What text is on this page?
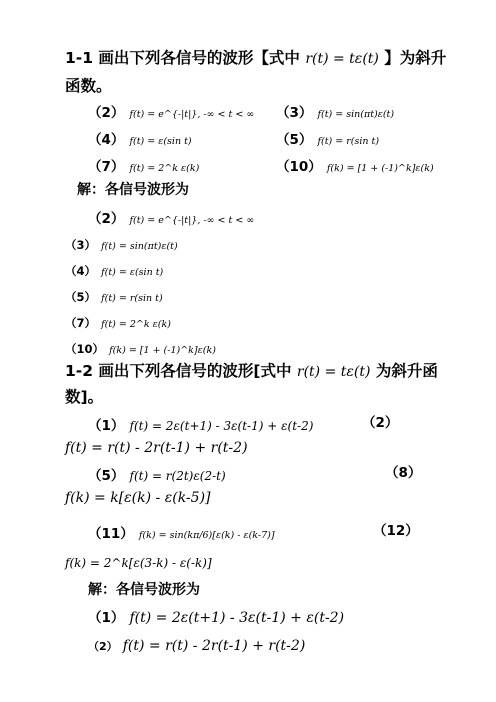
1-1 画出下列各信号的波形【式中 r(t) = tε(t) 】为斜升
函数。
（2） f(t) = e^{-|t|}, -∞ < t < ∞ （3） f(t) = sin(πt)ε(t)
（4） f(t) = ε(sin t)	（5） f(t) = r(sin t)
（7） f(t) = 2^k ε(k)	（10） f(k) = [1 + (-1)^k]ε(k)
解：各信号波形为
（2） f(t) = e^{-|t|}, -∞ < t < ∞
（3） f(t) = sin(πt)ε(t)
（4） f(t) = ε(sin t)
（5） f(t) = r(sin t)
（7） f(t) = 2^k ε(k)
（10） f(k) = [1 + (-1)^k]ε(k)
1-2 画出下列各信号的波形[式中 r(t) = tε(t) 为斜升函
数]。
（1） f(t) = 2ε(t+1) - 3ε(t-1) + ε(t-2)	（2）
f(t) = r(t) - 2r(t-1) + r(t-2)
（5） f(t) = r(2t)ε(2-t)	（8）
f(k) = k[ε(k) - ε(k-5)]
（11） f(k) = sin(kπ/6)[ε(k) - ε(k-7)]	（12）
f(k) = 2^k[ε(3-k) - ε(-k)]
解：各信号波形为
（1） f(t) = 2ε(t+1) - 3ε(t-1) + ε(t-2)
（2） f(t) = r(t) - 2r(t-1) + r(t-2)
